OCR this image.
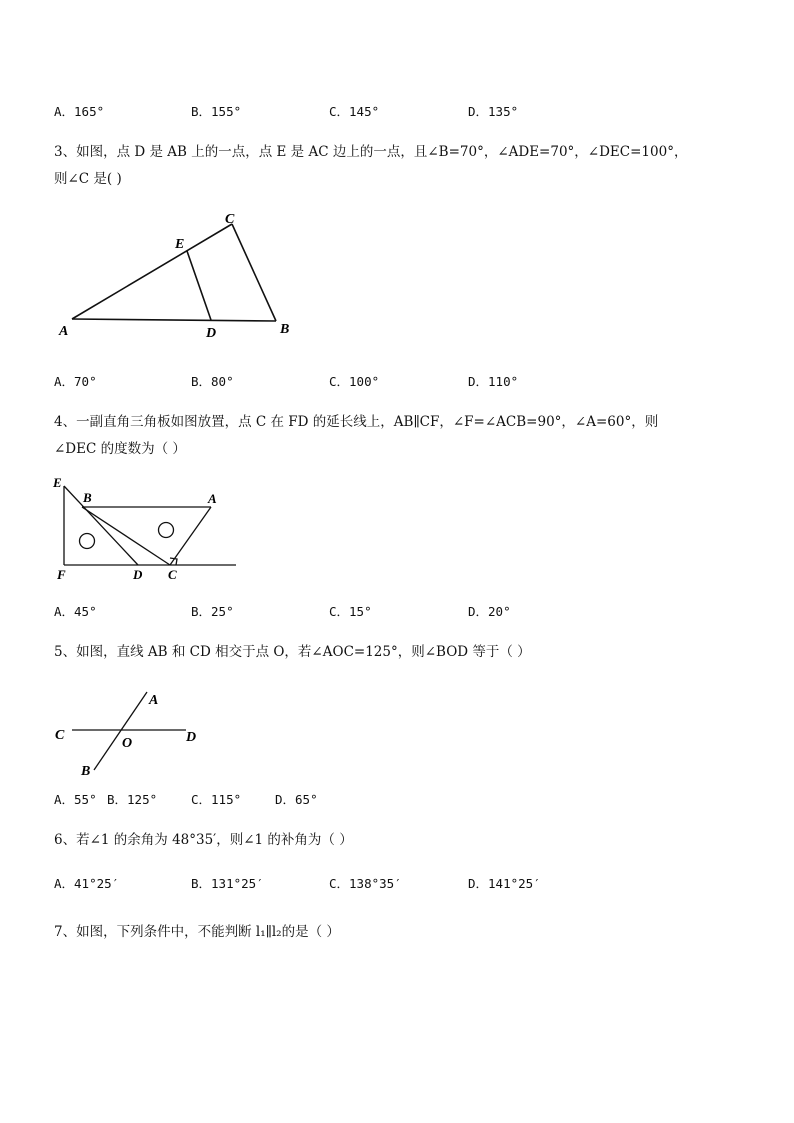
A．165°	B．155°	C．145°	D．135°
3、如图，点 D 是 AB 上的一点，点 E 是 AC 边上的一点，且∠B=70°，∠ADE=70°，∠DEC=100°，
则∠C 是( )
A	B
C
D
E
A．70°	B．80°	C．100°	D．110°
4、一副直角三角板如图放置，点 C 在 FD 的延长线上，AB∥CF，∠F=∠ACB=90°，∠A=60°，则
∠DEC 的度数为（ ）
E
B	A
F	D C
A．45°	B．25°	C．15°	D．20°
5、如图，直线 AB 和 CD 相交于点 O，若∠AOC=125°，则∠BOD 等于（ ）
A
C
O	D
B
A．55° B．125°	C．115°	D．65°
6、若∠1 的余角为 48°35′，则∠1 的补角为（ ）
A．41°25′	B．131°25′	C．138°35′	D．141°25′
7、如图，下列条件中，不能判断 l₁∥l₂的是（ ）
